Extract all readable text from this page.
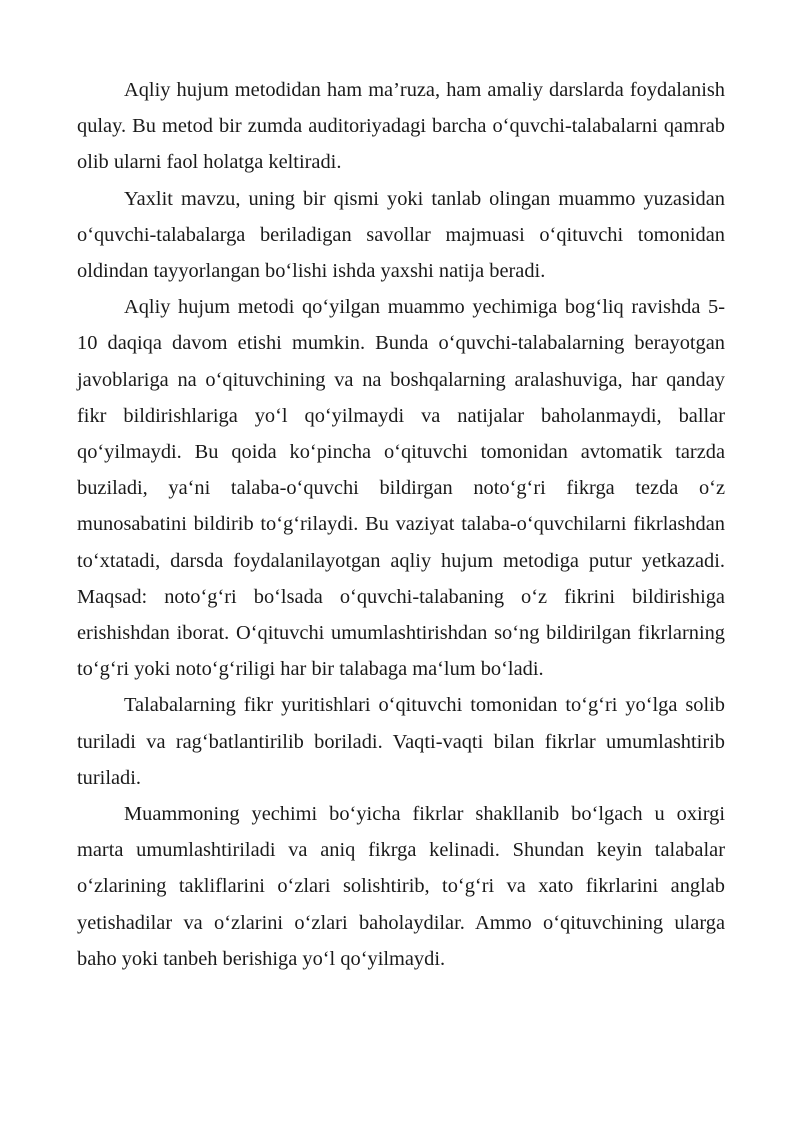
Aqliy hujum metodidan ham ma’ruza, ham amaliy darslarda foydalanish qulay. Bu metod bir zumda auditoriyadagi barcha o‘quvchi-talabalarni qamrab olib ularni faol holatga keltiradi.

Yaxlit mavzu, uning bir qismi yoki tanlab olingan muammo yuzasidan o‘quvchi-talabalarga beriladigan savollar majmuasi o‘qituvchi tomonidan oldindan tayyorlangan bo‘lishi ishda yaxshi natija beradi.

Aqliy hujum metodi qo‘yilgan muammo yechimiga bog‘liq ravishda 5-10 daqiqa davom etishi mumkin. Bunda o‘quvchi-talabalarning berayotgan javoblariga na o‘qituvchining va na boshqalarning aralashuviga, har qanday fikr bildirishlariga yo‘l qo‘yilmaydi va natijalar baholanmaydi, ballar qo‘yilmaydi. Bu qoida ko‘pincha o‘qituvchi tomonidan avtomatik tarzda buziladi, ya‘ni talaba-o‘quvchi bildirgan noto‘g‘ri fikrga tezda o‘z munosabatini bildirib to‘g‘rilaydi. Bu vaziyat talaba-o‘quvchilarni fikrlashdan to‘xtatadi, darsda foydalanilayotgan aqliy hujum metodiga putur yetkazadi. Maqsad: noto‘g‘ri bo‘lsada o‘quvchi-talabaning o‘z fikrini bildirishiga erishishdan iborat. O‘qituvchi umumlashtirishdan so‘ng bildirilgan fikrlarning to‘g‘ri yoki noto‘g‘riligi har bir talabaga ma‘lum bo‘ladi.

Talabalarning fikr yuritishlari o‘qituvchi tomonidan to‘g‘ri yo‘lga solib turiladi va rag‘batlantirilib boriladi. Vaqti-vaqti bilan fikrlar umumlashtirib turiladi.

Muammoning yechimi bo‘yicha fikrlar shakllanib bo‘lgach u oxirgi marta umumlashtiriladi va aniq fikrga kelinadi. Shundan keyin talabalar o‘zlarining takliflarini o‘zlari solishtirib, to‘g‘ri va xato fikrlarini anglab yetishadilar va o‘zlarini o‘zlari baholaydilar. Ammo o‘qituvchining ularga baho yoki tanbeh berishiga yo‘l qo‘yilmaydi.
